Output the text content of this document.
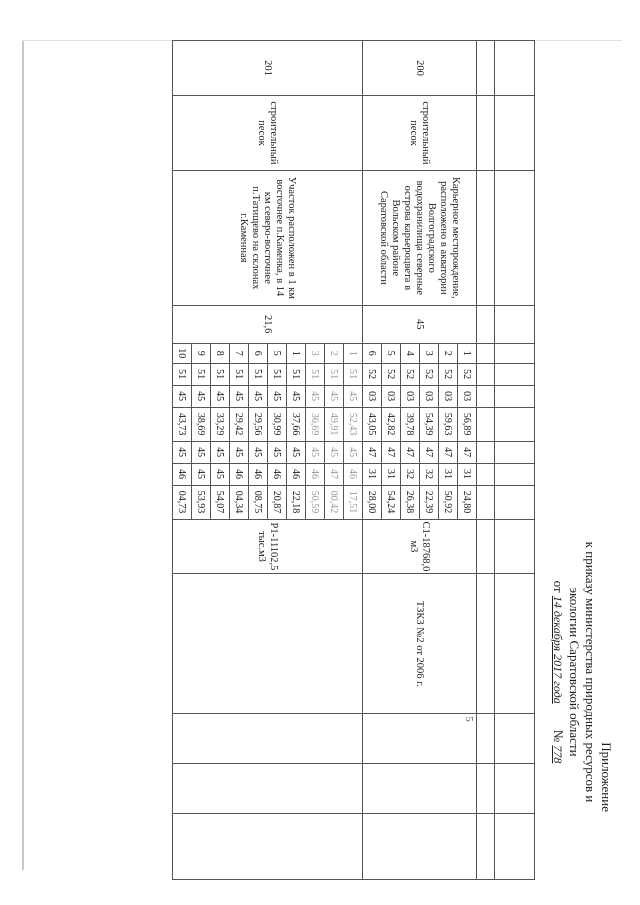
Приложение
к приказу министерства природных ресурсов и
экологии Саратовской области
от 14 декабря 2017 года        № 778

200	строительный песок	Карьерное месторождение, расположено в акватории Волгоградского водохранилища северные острова карьероцвета в Вольском районе Саратовской области	45	1	52	03	56,89	47	31	24,80	С1-18768,0 м3	ТЗКЗ №2 от 2006 г.	5		
				2	52	03	59,63	47	31	50,92					
				3	52	03	54,39	47	32	22,39					
				4	52	03	39,78	47	32	26,38					
				5	52	03	42,82	47	31	54,24					
				6	52	03	43,05	47	31	28,00					
201	строительный песок	Участок расположен в 1 км восточнее п.Каменка, в 14 км северо-восточнее п.Татищево на склонах г.Каменная	21,6	1	51	45	52,43	45	46	17,51	Р1-11102,5 тыс.м3				
				2	51	45	49,91	45	47	00,42					
				3	51	45	36,69	45	46	50,59					
				1	51	45	37,66	45	46	22,18					
				5	51	45	30,99	45	46	20,87					
				6	51	45	29,56	45	46	08,75					
				7	51	45	29,42	45	46	04,34					
				8	51	45	33,29	45	45	54,07					
				9	51	45	38,69	45	45	53,93					
				10	51	45	43,73	45	46	04,73					
